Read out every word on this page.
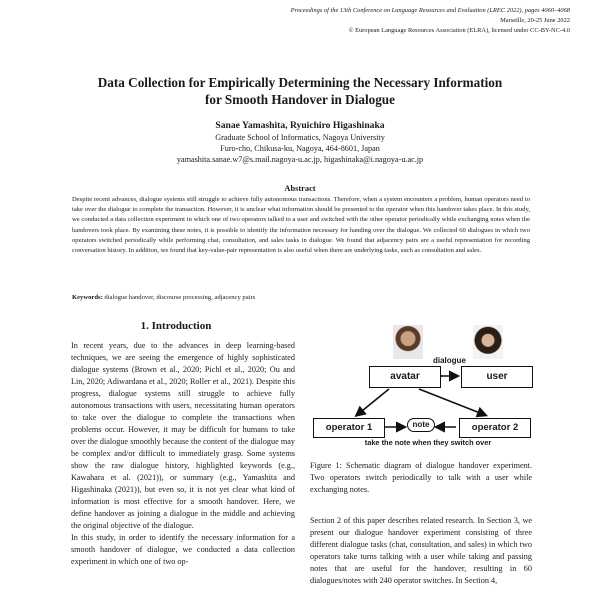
Proceedings of the 13th Conference on Language Resources and Evaluation (LREC 2022), pages 4060–4068
Marseille, 20-25 June 2022
© European Language Resources Association (ELRA), licensed under CC-BY-NC-4.0
Data Collection for Empirically Determining the Necessary Information
for Smooth Handover in Dialogue
Sanae Yamashita, Ryuichiro Higashinaka
Graduate School of Informatics, Nagoya University
Furo-cho, Chikusa-ku, Nagoya, 464-8601, Japan
yamashita.sanae.w7@s.mail.nagoya-u.ac.jp, higashinaka@i.nagoya-u.ac.jp
Abstract
Despite recent advances, dialogue systems still struggle to achieve fully autonomous transactions. Therefore, when a system encounters a problem, human operators need to take over the dialogue to complete the transaction. However, it is unclear what information should be presented to the operator when this handover takes place. In this study, we conducted a data collection experiment in which one of two operators talked to a user and switched with the other operator periodically while exchanging notes when the handovers took place. By examining these notes, it is possible to identify the information necessary for handing over the dialogue. We collected 60 dialogues in which two operators switched periodically while performing chat, consultation, and sales tasks in dialogue. We found that adjacency pairs are a useful representation for recording conversation history. In addition, we found that key-value-pair representation is also useful when there are underlying tasks, such as consultation and sales.
Keywords: dialogue handover, discourse processing, adjacency pairs
1. Introduction

In recent years, due to the advances in deep learning-based techniques, we are seeing the emergence of highly sophisticated dialogue systems (Brown et al., 2020; Pichl et al., 2020; Ou and Lin, 2020; Adiwardana et al., 2020; Roller et al., 2021). Despite this progress, dialogue systems still struggle to achieve fully autonomous transactions with users, necessitating human operators to take over the dialogue to complete the transactions when problems occur. However, it may be difficult for humans to take over the dialogue smoothly because the content of the dialogue may be complex and/or difficult to immediately grasp. Some systems show the raw dialogue history, highlighted keywords (e.g., Kawahara et al. (2021)), or summary (e.g., Yamashita and Higashinaka (2021)), but even so, it is not yet clear what kind of information is most effective for a smooth handover. Here, we define handover as joining a dialogue in the middle and achieving the original objective of the dialogue.

In this study, in order to identify the necessary information for a smooth handover of dialogue, we conducted a data collection experiment in which one of two op-

dialogue
avatar	user
operator 1	operator 2
note
take the note when they switch over
Figure 1: Schematic diagram of dialogue handover experiment. Two operators switch periodically to talk with a user while exchanging notes.
Section 2 of this paper describes related research. In Section 3, we present our dialogue handover experiment consisting of three different dialogue tasks (chat, consultation, and sales) in which two operators take turns talking with a user while taking and passing notes that are useful for the handover, resulting in 60 dialogues/notes with 240 operator switches. In Section 4,
